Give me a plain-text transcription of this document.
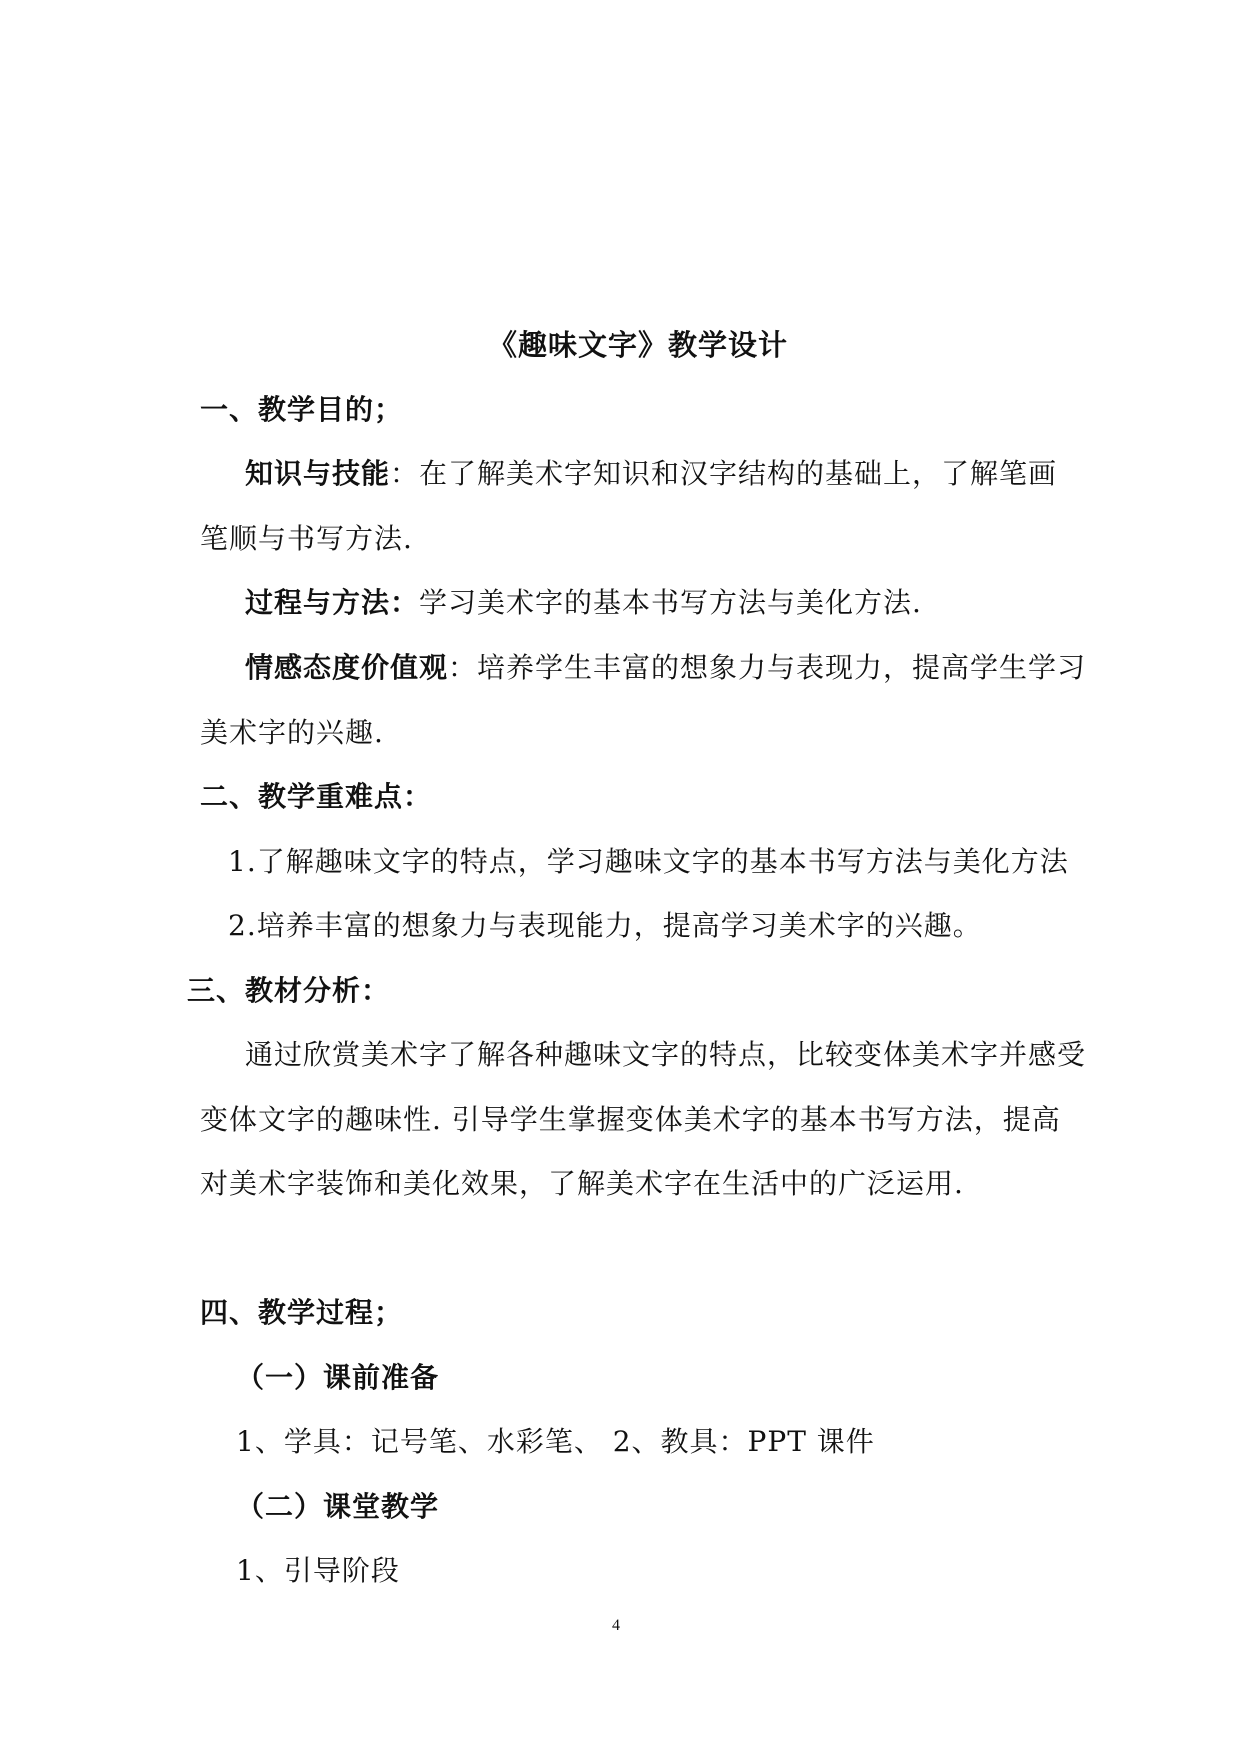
《趣味文字》教学设计
一、教学目的；
知识与技能：在了解美术字知识和汉字结构的基础上，了解笔画
笔顺与书写方法.
过程与方法：学习美术字的基本书写方法与美化方法.
情感态度价值观：培养学生丰富的想象力与表现力，提高学生学习
美术字的兴趣.
二、教学重难点：
1.了解趣味文字的特点，学习趣味文字的基本书写方法与美化方法
2.培养丰富的想象力与表现能力，提高学习美术字的兴趣。
三、教材分析：
通过欣赏美术字了解各种趣味文字的特点，比较变体美术字并感受
变体文字的趣味性. 引导学生掌握变体美术字的基本书写方法，提高
对美术字装饰和美化效果，了解美术字在生活中的广泛运用.
四、教学过程；
（一）课前准备
1、学具：记号笔、水彩笔、 2、教具：PPT 课件
（二）课堂教学
1、引导阶段
4
